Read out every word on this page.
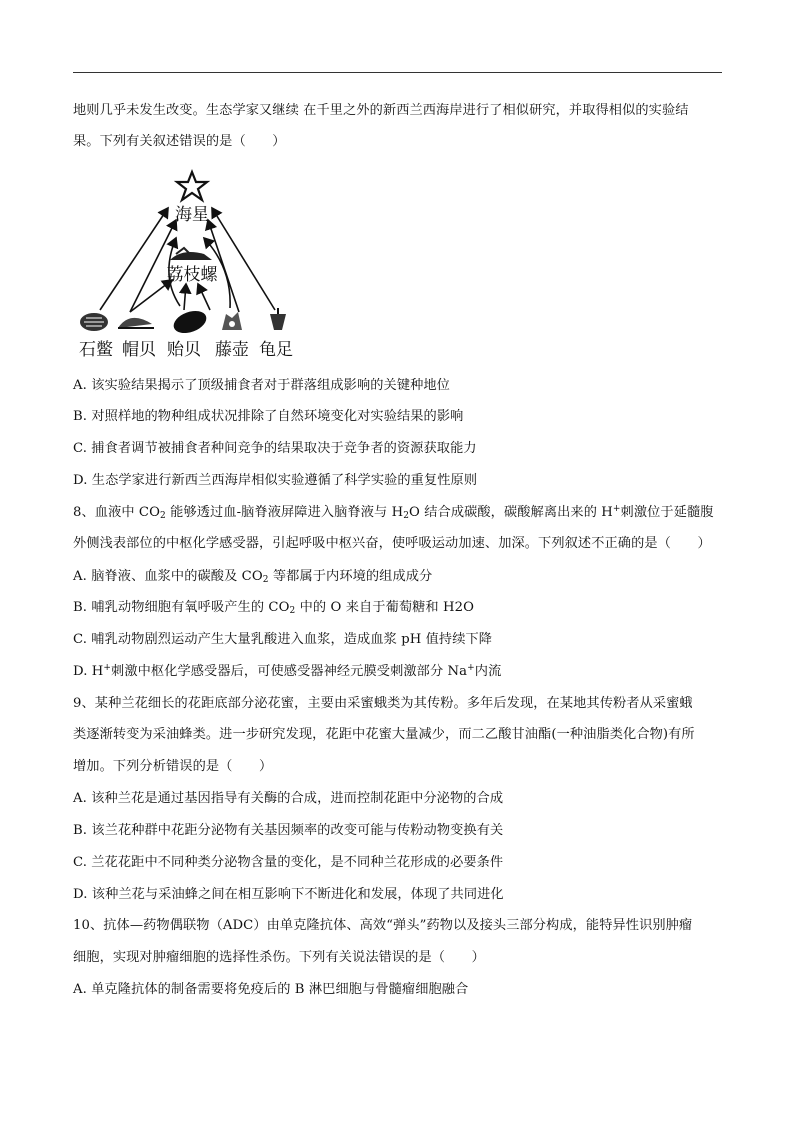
地则几乎未发生改变。生态学家又继续 在千里之外的新西兰西海岸进行了相似研究，并取得相似的实验结
果。下列有关叙述错误的是（　　）
海星
荔枝螺
石鳖 帽贝 贻贝 藤壶 龟足
A. 该实验结果揭示了顶级捕食者对于群落组成影响的关键种地位
B. 对照样地的物种组成状况排除了自然环境变化对实验结果的影响
C. 捕食者调节被捕食者种间竞争的结果取决于竞争者的资源获取能力
D. 生态学家进行新西兰西海岸相似实验遵循了科学实验的重复性原则
8、血液中 $CO_2$ 能够透过血-脑脊液屏障进入脑脊液与 $H_2O$ 结合成碳酸，碳酸解离出来的 H+刺激位于延髓腹
外侧浅表部位的中枢化学感受器，引起呼吸中枢兴奋，使呼吸运动加速、加深。下列叙述不正确的是（　　）
A. 脑脊液、血浆中的碳酸及 $CO_2$ 等都属于内环境的组成成分
B. 哺乳动物细胞有氧呼吸产生的 $CO_2$ 中的 O 来自于葡萄糖和 H2O
C. 哺乳动物剧烈运动产生大量乳酸进入血浆，造成血浆 pH 值持续下降
D. H+刺激中枢化学感受器后，可使感受器神经元膜受刺激部分 Na+内流
9、某种兰花细长的花距底部分泌花蜜，主要由采蜜蛾类为其传粉。多年后发现，在某地其传粉者从采蜜蛾
类逐渐转变为采油蜂类。进一步研究发现，花距中花蜜大量减少，而二乙酸甘油酯(一种油脂类化合物)有所
增加。下列分析错误的是（　　）
A. 该种兰花是通过基因指导有关酶的合成，进而控制花距中分泌物的合成
B. 该兰花种群中花距分泌物有关基因频率的改变可能与传粉动物变换有关
C. 兰花花距中不同种类分泌物含量的变化，是不同种兰花形成的必要条件
D. 该种兰花与采油蜂之间在相互影响下不断进化和发展，体现了共同进化
10、抗体—药物偶联物（ADC）由单克隆抗体、高效“弹头”药物以及接头三部分构成，能特异性识别肿瘤
细胞，实现对肿瘤细胞的选择性杀伤。下列有关说法错误的是（　　）
A. 单克隆抗体的制备需要将免疫后的 B 淋巴细胞与骨髓瘤细胞融合
